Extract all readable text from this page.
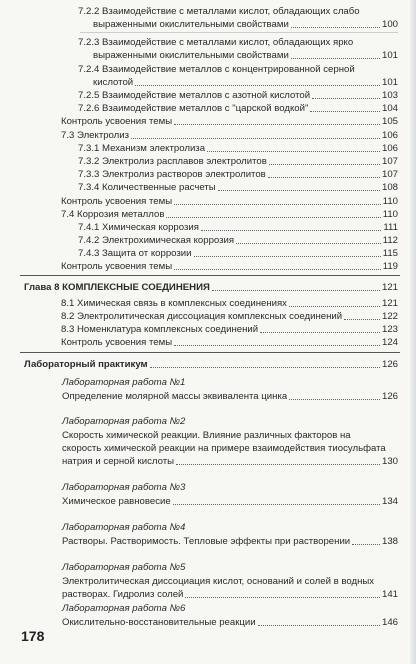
7.2.2 Взаимодействие с металлами кислот, обладающих слабо
выраженными окислительными свойствами	100
7.2.3 Взаимодействие с металлами кислот, обладающих ярко
выраженными окислительными свойствами	101
7.2.4 Взаимодействие металлов с концентрированной серной
кислотой	101
7.2.5 Взаимодействие металлов с азотной кислотой	103
7.2.6 Взаимодействие металлов с "царской водкой"	104
Контроль усвоения темы	105
7.3 Электролиз	106
7.3.1 Механизм электролиза	106
7.3.2 Электролиз расплавов электролитов	107
7.3.3 Электролиз растворов электролитов	107
7.3.4 Количественные расчеты	108
Контроль усвоения темы	110
7.4 Коррозия металлов	110
7.4.1 Химическая коррозия	111
7.4.2 Электрохимическая коррозия	112
7.4.3 Защита от коррозии	115
Контроль усвоения темы	119
Глава 8 КОМПЛЕКСНЫЕ СОЕДИНЕНИЯ	121
8.1 Химическая связь в комплексных соединениях	121
8.2 Электролитическая диссоциация комплексных соединений	122
8.3 Номенклатура комплексных соединений	123
Контроль усвоения темы	124
Лабораторный практикум	126
Лабораторная работа №1
Определение молярной массы эквивалента цинка	126
Лабораторная работа №2
Скорость химической реакции. Влияние различных факторов на
скорость химической реакции на примере взаимодействия тиосульфата
натрия и серной кислоты	130
Лабораторная работа №3
Химическое равновесие	134
Лабораторная работа №4
Растворы. Растворимость. Тепловые эффекты при растворении	138
Лабораторная работа №5
Электролитическая диссоциация кислот, оснований и солей в водных
растворах. Гидролиз солей	141
Лабораторная работа №6
Окислительно-восстановительные реакции	146
178
